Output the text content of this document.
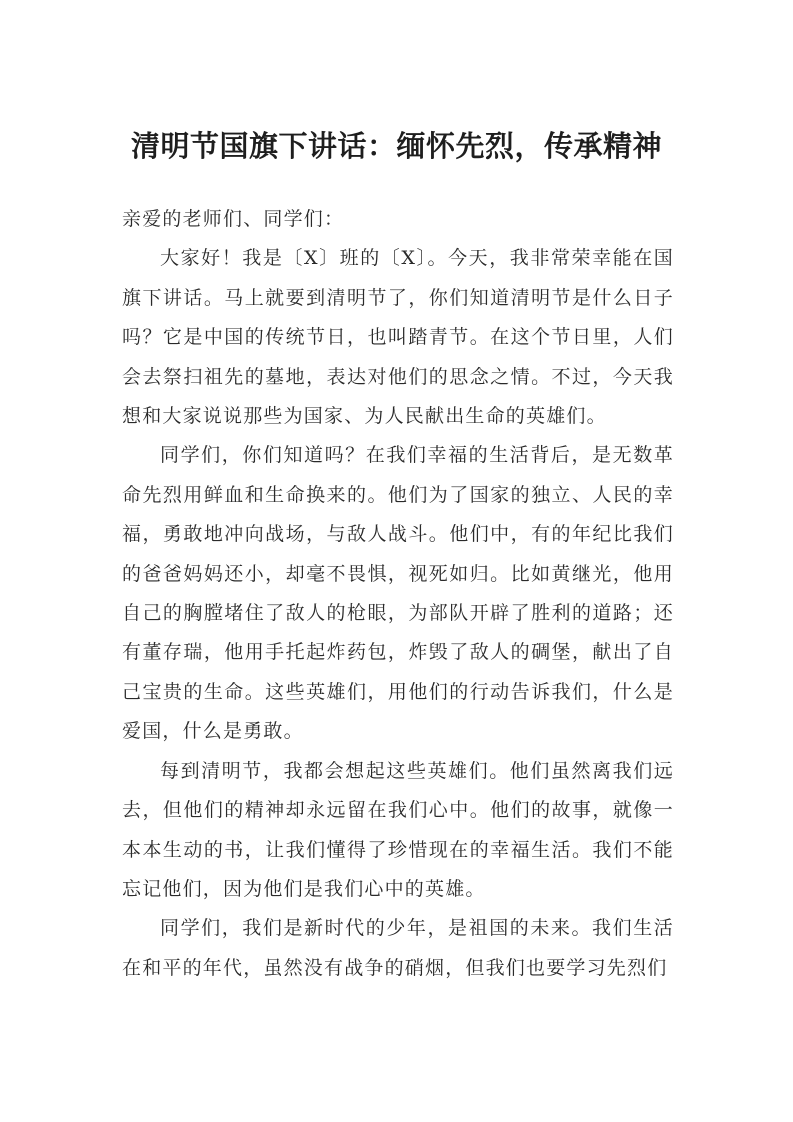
清明节国旗下讲话：缅怀先烈，传承精神

亲爱的老师们、同学们：

大家好！我是〔X〕班的〔X〕。今天，我非常荣幸能在国旗下讲话。马上就要到清明节了，你们知道清明节是什么日子吗？它是中国的传统节日，也叫踏青节。在这个节日里，人们会去祭扫祖先的墓地，表达对他们的思念之情。不过，今天我想和大家说说那些为国家、为人民献出生命的英雄们。

同学们，你们知道吗？在我们幸福的生活背后，是无数革命先烈用鲜血和生命换来的。他们为了国家的独立、人民的幸福，勇敢地冲向战场，与敌人战斗。他们中，有的年纪比我们的爸爸妈妈还小，却毫不畏惧，视死如归。比如黄继光，他用自己的胸膛堵住了敌人的枪眼，为部队开辟了胜利的道路；还有董存瑞，他用手托起炸药包，炸毁了敌人的碉堡，献出了自己宝贵的生命。这些英雄们，用他们的行动告诉我们，什么是爱国，什么是勇敢。

每到清明节，我都会想起这些英雄们。他们虽然离我们远去，但他们的精神却永远留在我们心中。他们的故事，就像一本本生动的书，让我们懂得了珍惜现在的幸福生活。我们不能忘记他们，因为他们是我们心中的英雄。

同学们，我们是新时代的少年，是祖国的未来。我们生活在和平的年代，虽然没有战争的硝烟，但我们也要学习先烈们
